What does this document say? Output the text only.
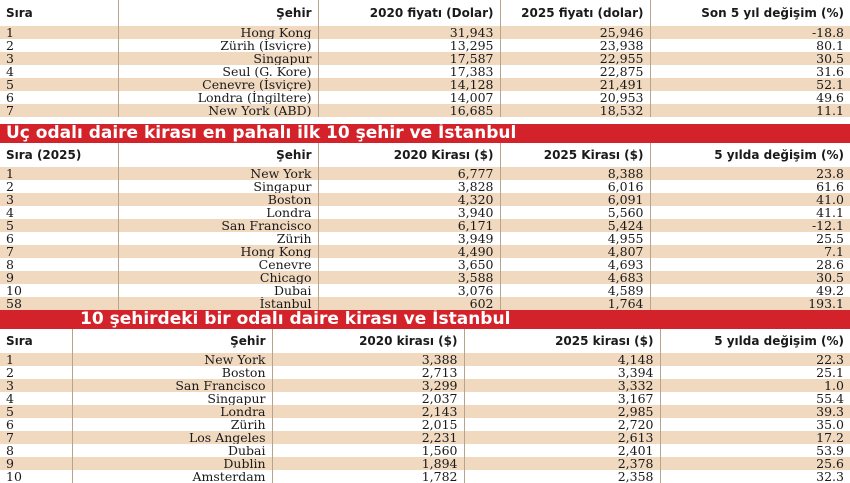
Sıra	Şehir	2020 fiyatı (Dolar)	2025 fiyatı (dolar)	Son 5 yıl değişim (%)
1	Hong Kong	31,943	25,946	-18.8
2	Zürih (İsviçre)	13,295	23,938	80.1
3	Singapur	17,587	22,955	30.5
4	Seul (G. Kore)	17,383	22,875	31.6
5	Cenevre (İsviçre)	14,128	21,491	52.1
6	Londra (İngiltere)	14,007	20,953	49.6
7	New York (ABD)	16,685	18,532	11.1
Üç odalı daire kirası en pahalı ilk 10 şehir ve İstanbul
Sıra (2025)	Şehir	2020 Kirası ($)	2025 Kirası ($)	5 yılda değişim (%)
1	New York	6,777	8,388	23.8
2	Singapur	3,828	6,016	61.6
3	Boston	4,320	6,091	41.0
4	Londra	3,940	5,560	41.1
5	San Francisco	6,171	5,424	-12.1
6	Zürih	3,949	4,955	25.5
7	Hong Kong	4,490	4,807	7.1
8	Cenevre	3,650	4,693	28.6
9	Chicago	3,588	4,683	30.5
10	Dubai	3,076	4,589	49.2
58	İstanbul	602	1,764	193.1
10 şehirdeki bir odalı daire kirası ve İstanbul
Sıra	Şehir	2020 kirası ($)	2025 kirası ($)	5 yılda değişim (%)
1	New York	3,388	4,148	22.3
2	Boston	2,713	3,394	25.1
3	San Francisco	3,299	3,332	1.0
4	Singapur	2,037	3,167	55.4
5	Londra	2,143	2,985	39.3
6	Zürih	2,015	2,720	35.0
7	Los Angeles	2,231	2,613	17.2
8	Dubai	1,560	2,401	53.9
9	Dublin	1,894	2,378	25.6
10	Amsterdam	1,782	2,358	32.3
